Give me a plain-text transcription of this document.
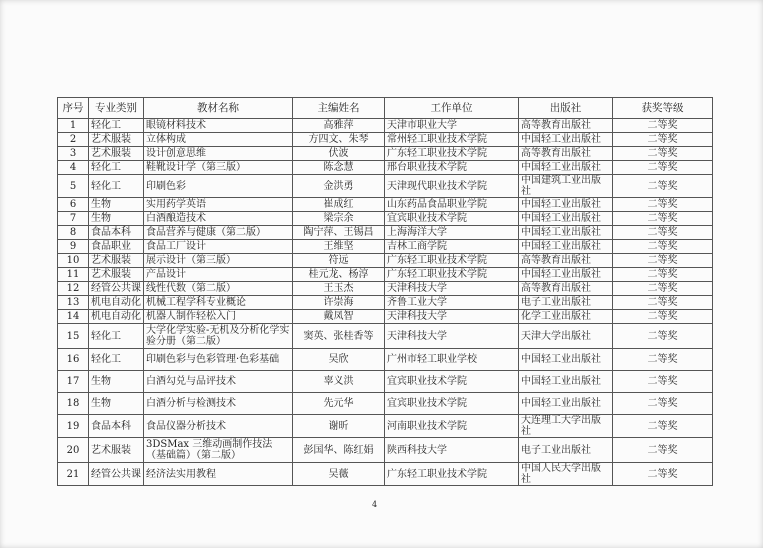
序号	专业类别	教材名称	主编姓名	工作单位	出版社	获奖等级
1	轻化工	眼镜材料技术	高雅萍	天津市职业大学	高等教育出版社	二等奖
2	艺术服装	立体构成	方四文、朱琴	常州轻工职业技术学院	中国轻工业出版社	二等奖
3	艺术服装	设计创意思维	伏波	广东轻工职业技术学院	高等教育出版社	二等奖
4	轻化工	鞋靴设计学（第三版）	陈念慧	邢台职业技术学院	中国轻工业出版社	二等奖
5	轻化工	印刷色彩	金洪勇	天津现代职业技术学院	中国建筑工业出版社	二等奖
6	生物	实用药学英语	崔成红	山东药品食品职业学院	中国轻工业出版社	二等奖
7	生物	白酒酿造技术	梁宗余	宜宾职业技术学院	中国轻工业出版社	二等奖
8	食品本科	食品营养与健康（第二版）	陶宁萍、王锡昌	上海海洋大学	中国轻工业出版社	二等奖
9	食品职业	食品工厂设计	王维坚	吉林工商学院	中国轻工业出版社	二等奖
10	艺术服装	展示设计（第三版）	符远	广东轻工职业技术学院	高等教育出版社	二等奖
11	艺术服装	产品设计	桂元龙、杨淳	广东轻工职业技术学院	中国轻工业出版社	二等奖
12	经管公共课	线性代数（第二版）	王玉杰	天津科技大学	高等教育出版社	二等奖
13	机电自动化	机械工程学科专业概论	许崇海	齐鲁工业大学	电子工业出版社	二等奖
14	机电自动化	机器人制作轻松入门	戴凤智	天津科技大学	化学工业出版社	二等奖
15	轻化工	大学化学实验-无机及分析化学实验分册（第二版）	窦英、张桂香等	天津科技大学	天津大学出版社	二等奖
16	轻化工	印刷色彩与色彩管理·色彩基础	吴欣	广州市轻工职业学校	中国轻工业出版社	二等奖
17	生物	白酒勾兑与品评技术	辜义洪	宜宾职业技术学院	中国轻工业出版社	二等奖
18	生物	白酒分析与检测技术	先元华	宜宾职业技术学院	中国轻工业出版社	二等奖
19	食品本科	食品仪器分析技术	谢昕	河南职业技术学院	大连理工大学出版社	二等奖
20	艺术服装	3DSMax 三维动画制作技法（基础篇）（第二版）	彭国华、陈红娟	陕西科技大学	电子工业出版社	二等奖
21	经管公共课	经济法实用教程	吴薇	广东轻工职业技术学院	中国人民大学出版社	二等奖
4
